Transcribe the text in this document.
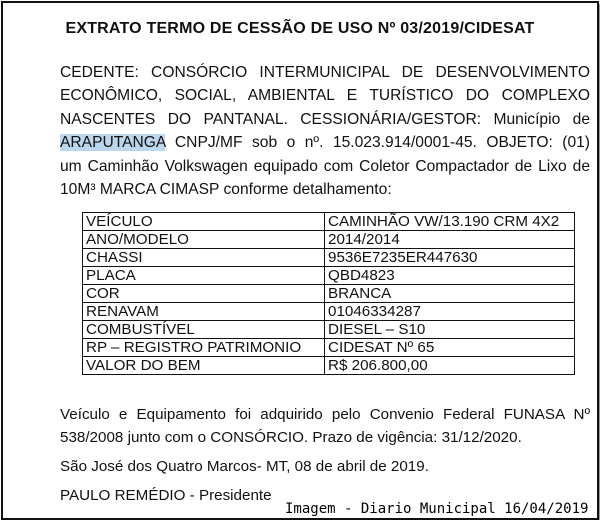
EXTRATO TERMO DE CESSÃO DE USO Nº 03/2019/CIDESAT
CEDENTE: CONSÓRCIO INTERMUNICIPAL DE DESENVOLVIMENTO
ECONÔMICO, SOCIAL, AMBIENTAL E TURÍSTICO DO COMPLEXO
NASCENTES DO PANTANAL. CESSIONÁRIA/GESTOR: Município de
ARAPUTANGA CNPJ/MF sob o nº. 15.023.914/0001-45. OBJETO: (01)
um Caminhão Volkswagen equipado com Coletor Compactador de Lixo de
10M³ MARCA CIMASP conforme detalhamento:
VEÍCULO	CAMINHÃO VW/13.190 CRM 4X2
ANO/MODELO	2014/2014
CHASSI	9536E7235ER447630
PLACA	QBD4823
COR	BRANCA
RENAVAM	01046334287
COMBUSTÍVEL	DIESEL – S10
RP – REGISTRO PATRIMONIO	CIDESAT Nº 65
VALOR DO BEM	R$ 206.800,00
Veículo e Equipamento foi adquirido pelo Convenio Federal FUNASA Nº
538/2008 junto com o CONSÓRCIO. Prazo de vigência: 31/12/2020.
São José dos Quatro Marcos- MT, 08 de abril de 2019.
PAULO REMÉDIO - Presidente
Imagem - Diario Municipal 16/04/2019
